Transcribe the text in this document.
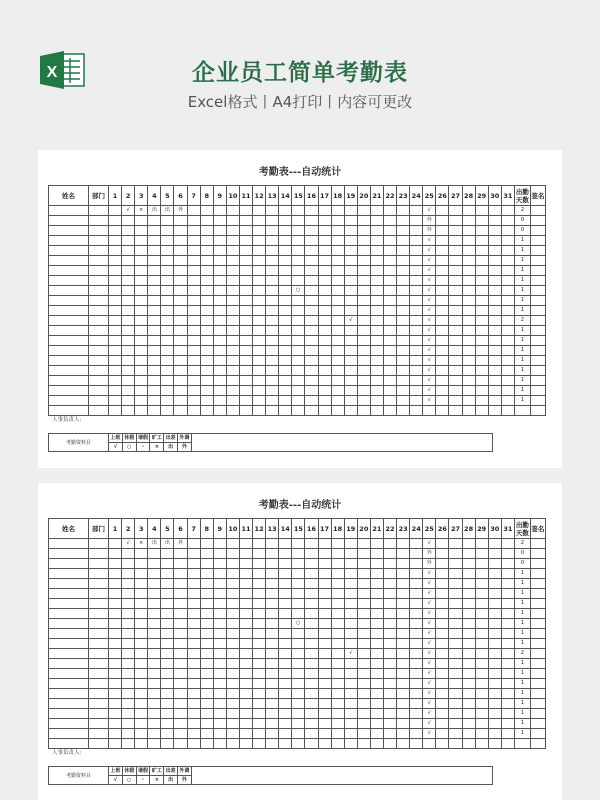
X	企业员工简单考勤表
Excel格式丨A4打印丨内容可更改
考勤表---自动统计
姓名	部门	1	2	3	4	5	6	7	8	9	10	11	12	13	14	15	16	17	18	19	20	21	22	23	24	25	26	27	28	29	30	31	出勤天数	签名
			√	×	出	出	外																			√							2	
																										外							0	
																										外							0	
																										√							1	
																										√							1	
																										√							1	
																										√							1	
																										√							1	
																○										√							1	
																										√							1	
																										√							1	
																				√						√							2	
																										√							1	
																										√							1	
																										√							1	
																										√							1	
																										√							1	
																										√							1	
																										√							1	
																										√							1	

人事负责人:
考勤资料目	上班	休假	请假	旷工	出差	外调	
	√	○	◦	×	出	外	
考勤表---自动统计
姓名	部门	1	2	3	4	5	6	7	8	9	10	11	12	13	14	15	16	17	18	19	20	21	22	23	24	25	26	27	28	29	30	31	出勤天数	签名
			√	×	出	出	外																			√							2	
																										外							0	
																										外							0	
																										√							1	
																										√							1	
																										√							1	
																										√							1	
																										√							1	
																○										√							1	
																										√							1	
																										√							1	
																				√						√							2	
																										√							1	
																										√							1	
																										√							1	
																										√							1	
																										√							1	
																										√							1	
																										√							1	
																										√							1	

人事负责人:
考勤资料目	上班	休假	请假	旷工	出差	外调	
	√	○	◦	×	出	外	
